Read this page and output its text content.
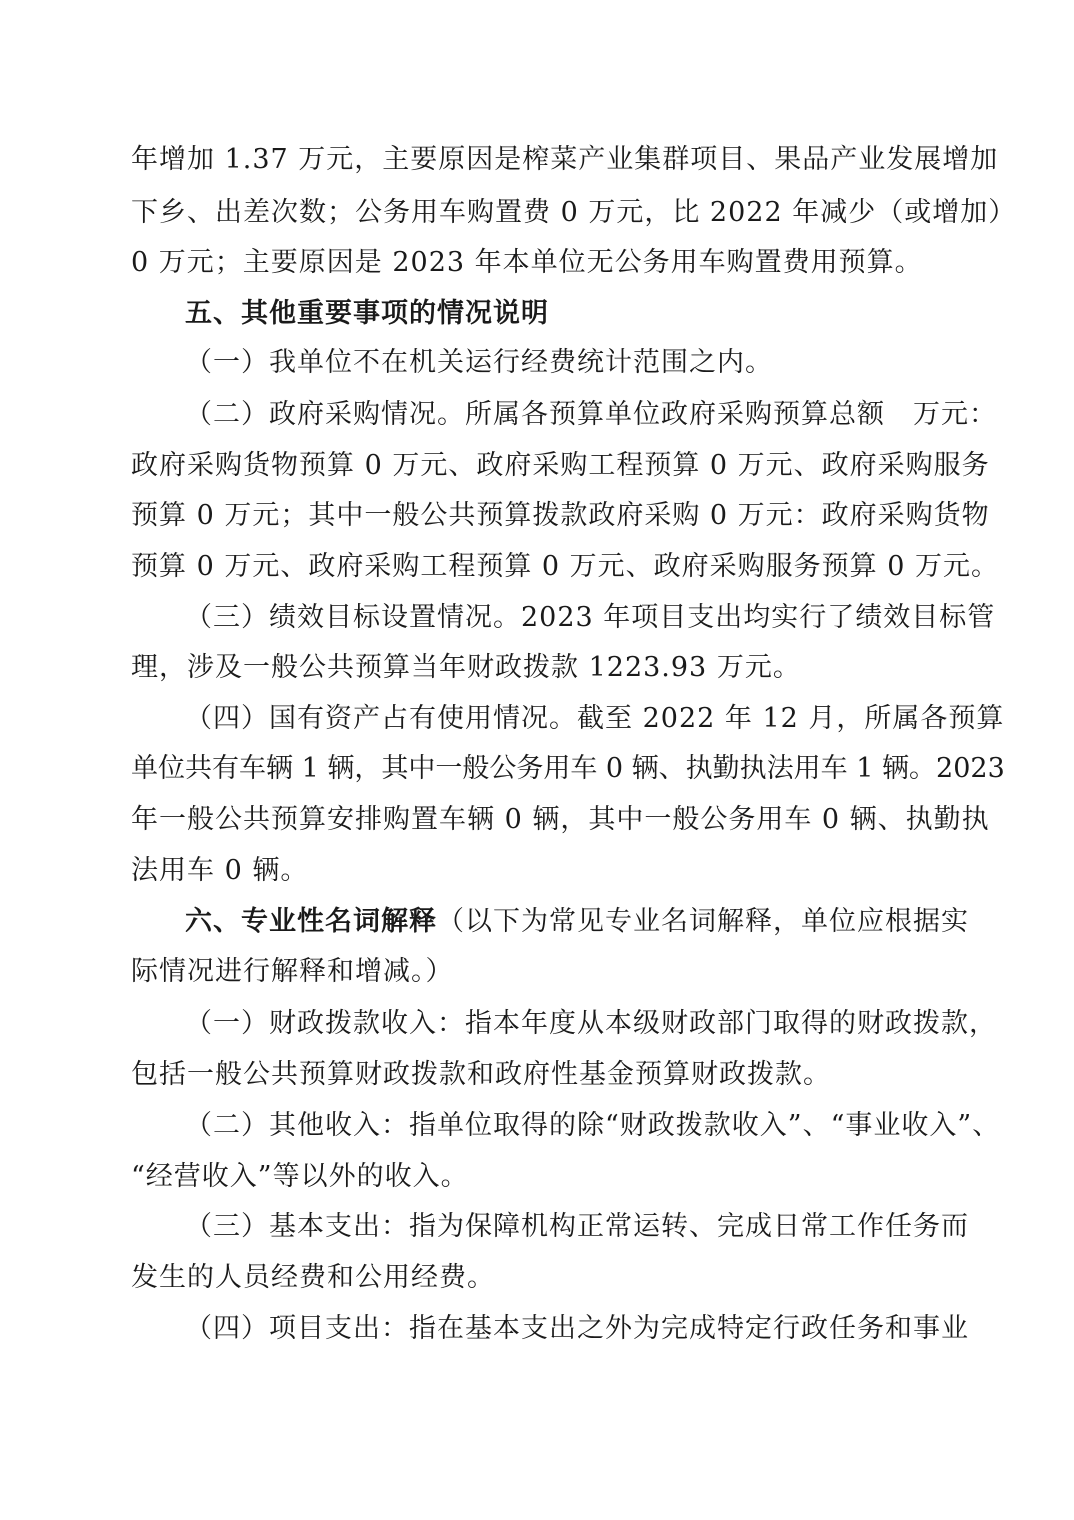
年增加 1.37 万元，主要原因是榨菜产业集群项目、果品产业发展增加
下乡、出差次数；公务用车购置费 0 万元，比 2022 年减少（或增加）
0 万元；主要原因是 2023 年本单位无公务用车购置费用预算。
五、其他重要事项的情况说明
（一）我单位不在机关运行经费统计范围之内。
（二）政府采购情况。所属各预算单位政府采购预算总额　万元：
政府采购货物预算 0 万元、政府采购工程预算 0 万元、政府采购服务
预算 0 万元；其中一般公共预算拨款政府采购 0 万元：政府采购货物
预算 0 万元、政府采购工程预算 0 万元、政府采购服务预算 0 万元。
（三）绩效目标设置情况。2023 年项目支出均实行了绩效目标管
理，涉及一般公共预算当年财政拨款 1223.93 万元。
（四）国有资产占有使用情况。截至 2022 年 12 月，所属各预算
单位共有车辆 1 辆，其中一般公务用车 0 辆、执勤执法用车 1 辆。2023
年一般公共预算安排购置车辆 0 辆，其中一般公务用车 0 辆、执勤执
法用车 0 辆。
六、专业性名词解释（以下为常见专业名词解释，单位应根据实
际情况进行解释和增减。）
（一）财政拨款收入：指本年度从本级财政部门取得的财政拨款，
包括一般公共预算财政拨款和政府性基金预算财政拨款。
（二）其他收入：指单位取得的除“财政拨款收入”、“事业收入”、
“经营收入”等以外的收入。
（三）基本支出：指为保障机构正常运转、完成日常工作任务而
发生的人员经费和公用经费。
（四）项目支出：指在基本支出之外为完成特定行政任务和事业
